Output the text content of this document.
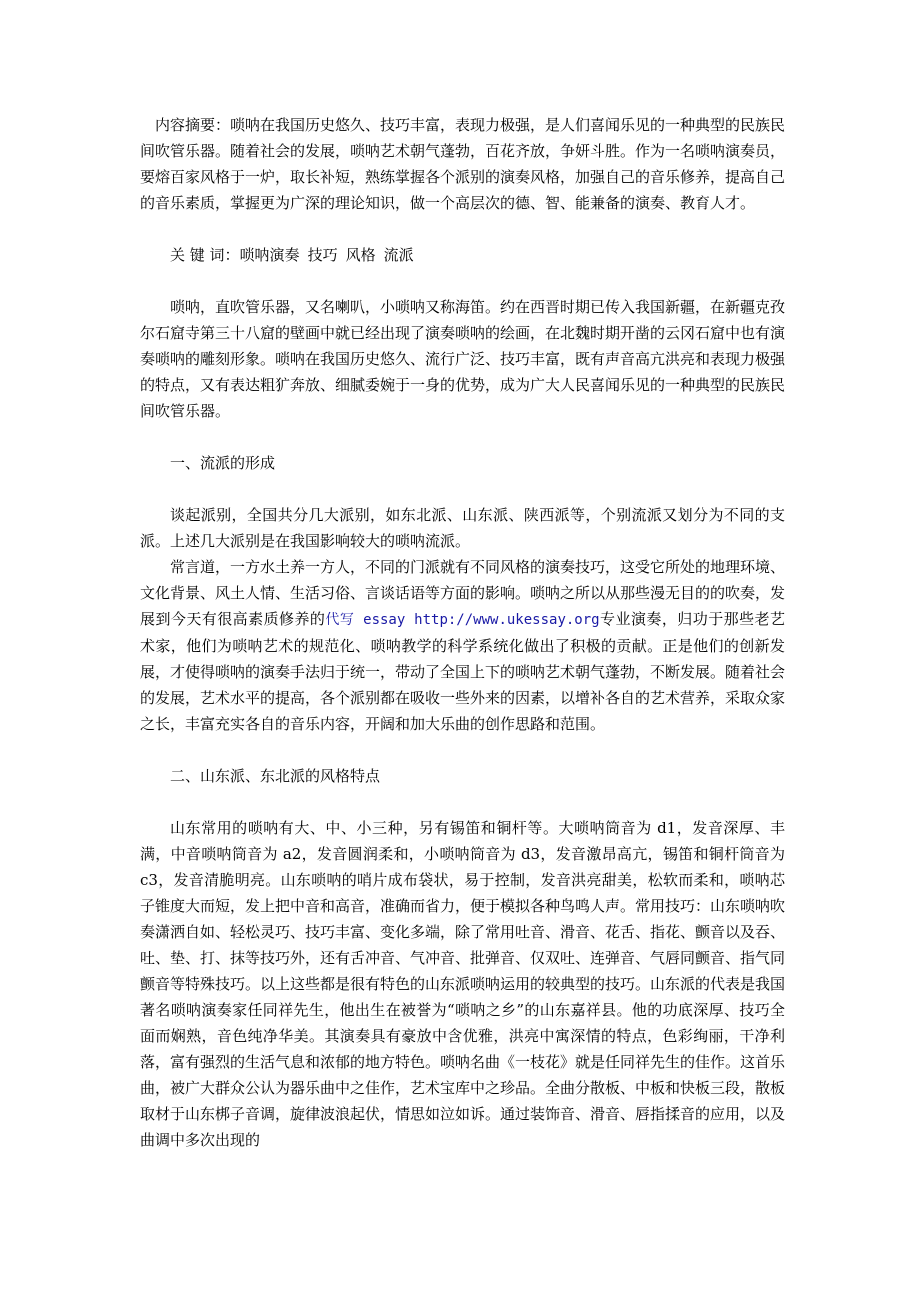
内容摘要：唢呐在我国历史悠久、技巧丰富，表现力极强，是人们喜闻乐见的一种典型的民族民间吹管乐器。随着社会的发展，唢呐艺术朝气蓬勃，百花齐放，争妍斗胜。作为一名唢呐演奏员，要熔百家风格于一炉，取长补短，熟练掌握各个派别的演奏风格，加强自己的音乐修养，提高自己的音乐素质，掌握更为广深的理论知识，做一个高层次的德、智、能兼备的演奏、教育人才。

关 键 词：唢呐演奏 技巧 风格 流派

唢呐，直吹管乐器，又名喇叭，小唢呐又称海笛。约在西晋时期已传入我国新疆，在新疆克孜尔石窟寺第三十八窟的壁画中就已经出现了演奏唢呐的绘画，在北魏时期开凿的云冈石窟中也有演奏唢呐的雕刻形象。唢呐在我国历史悠久、流行广泛、技巧丰富，既有声音高亢洪亮和表现力极强的特点，又有表达粗犷奔放、细腻委婉于一身的优势，成为广大人民喜闻乐见的一种典型的民族民间吹管乐器。

一、流派的形成

谈起派别，全国共分几大派别，如东北派、山东派、陕西派等，个别流派又划分为不同的支派。上述几大派别是在我国影响较大的唢呐流派。

常言道，一方水土养一方人，不同的门派就有不同风格的演奏技巧，这受它所处的地理环境、文化背景、风土人情、生活习俗、言谈话语等方面的影响。唢呐之所以从那些漫无目的的吹奏，发展到今天有很高素质修养的代写 essay http://www.ukessay.org专业演奏，归功于那些老艺术家，他们为唢呐艺术的规范化、唢呐教学的科学系统化做出了积极的贡献。正是他们的创新发展，才使得唢呐的演奏手法归于统一，带动了全国上下的唢呐艺术朝气蓬勃，不断发展。随着社会的发展，艺术水平的提高，各个派别都在吸收一些外来的因素，以增补各自的艺术营养，采取众家之长，丰富充实各自的音乐内容，开阔和加大乐曲的创作思路和范围。

二、山东派、东北派的风格特点

山东常用的唢呐有大、中、小三种，另有锡笛和铜杆等。大唢呐筒音为 d1，发音深厚、丰满，中音唢呐筒音为 a2，发音圆润柔和，小唢呐筒音为 d3，发音激昂高亢，锡笛和铜杆筒音为 c3，发音清脆明亮。山东唢呐的哨片成布袋状，易于控制，发音洪亮甜美，松软而柔和，唢呐芯子锥度大而短，发上把中音和高音，准确而省力，便于模拟各种鸟鸣人声。常用技巧：山东唢呐吹奏潇洒自如、轻松灵巧、技巧丰富、变化多端，除了常用吐音、滑音、花舌、指花、颤音以及吞、吐、垫、打、抹等技巧外，还有舌冲音、气冲音、批弹音、仅双吐、连弹音、气唇同颤音、指气同颤音等特殊技巧。以上这些都是很有特色的山东派唢呐运用的较典型的技巧。山东派的代表是我国著名唢呐演奏家任同祥先生，他出生在被誉为“唢呐之乡”的山东嘉祥县。他的功底深厚、技巧全面而娴熟，音色纯净华美。其演奏具有豪放中含优雅，洪亮中寓深情的特点，色彩绚丽，干净利落，富有强烈的生活气息和浓郁的地方特色。唢呐名曲《一枝花》就是任同祥先生的佳作。这首乐曲，被广大群众公认为器乐曲中之佳作，艺术宝库中之珍品。全曲分散板、中板和快板三段，散板取材于山东梆子音调，旋律波浪起伏，情思如泣如诉。通过装饰音、滑音、唇指揉音的应用，以及曲调中多次出现的
